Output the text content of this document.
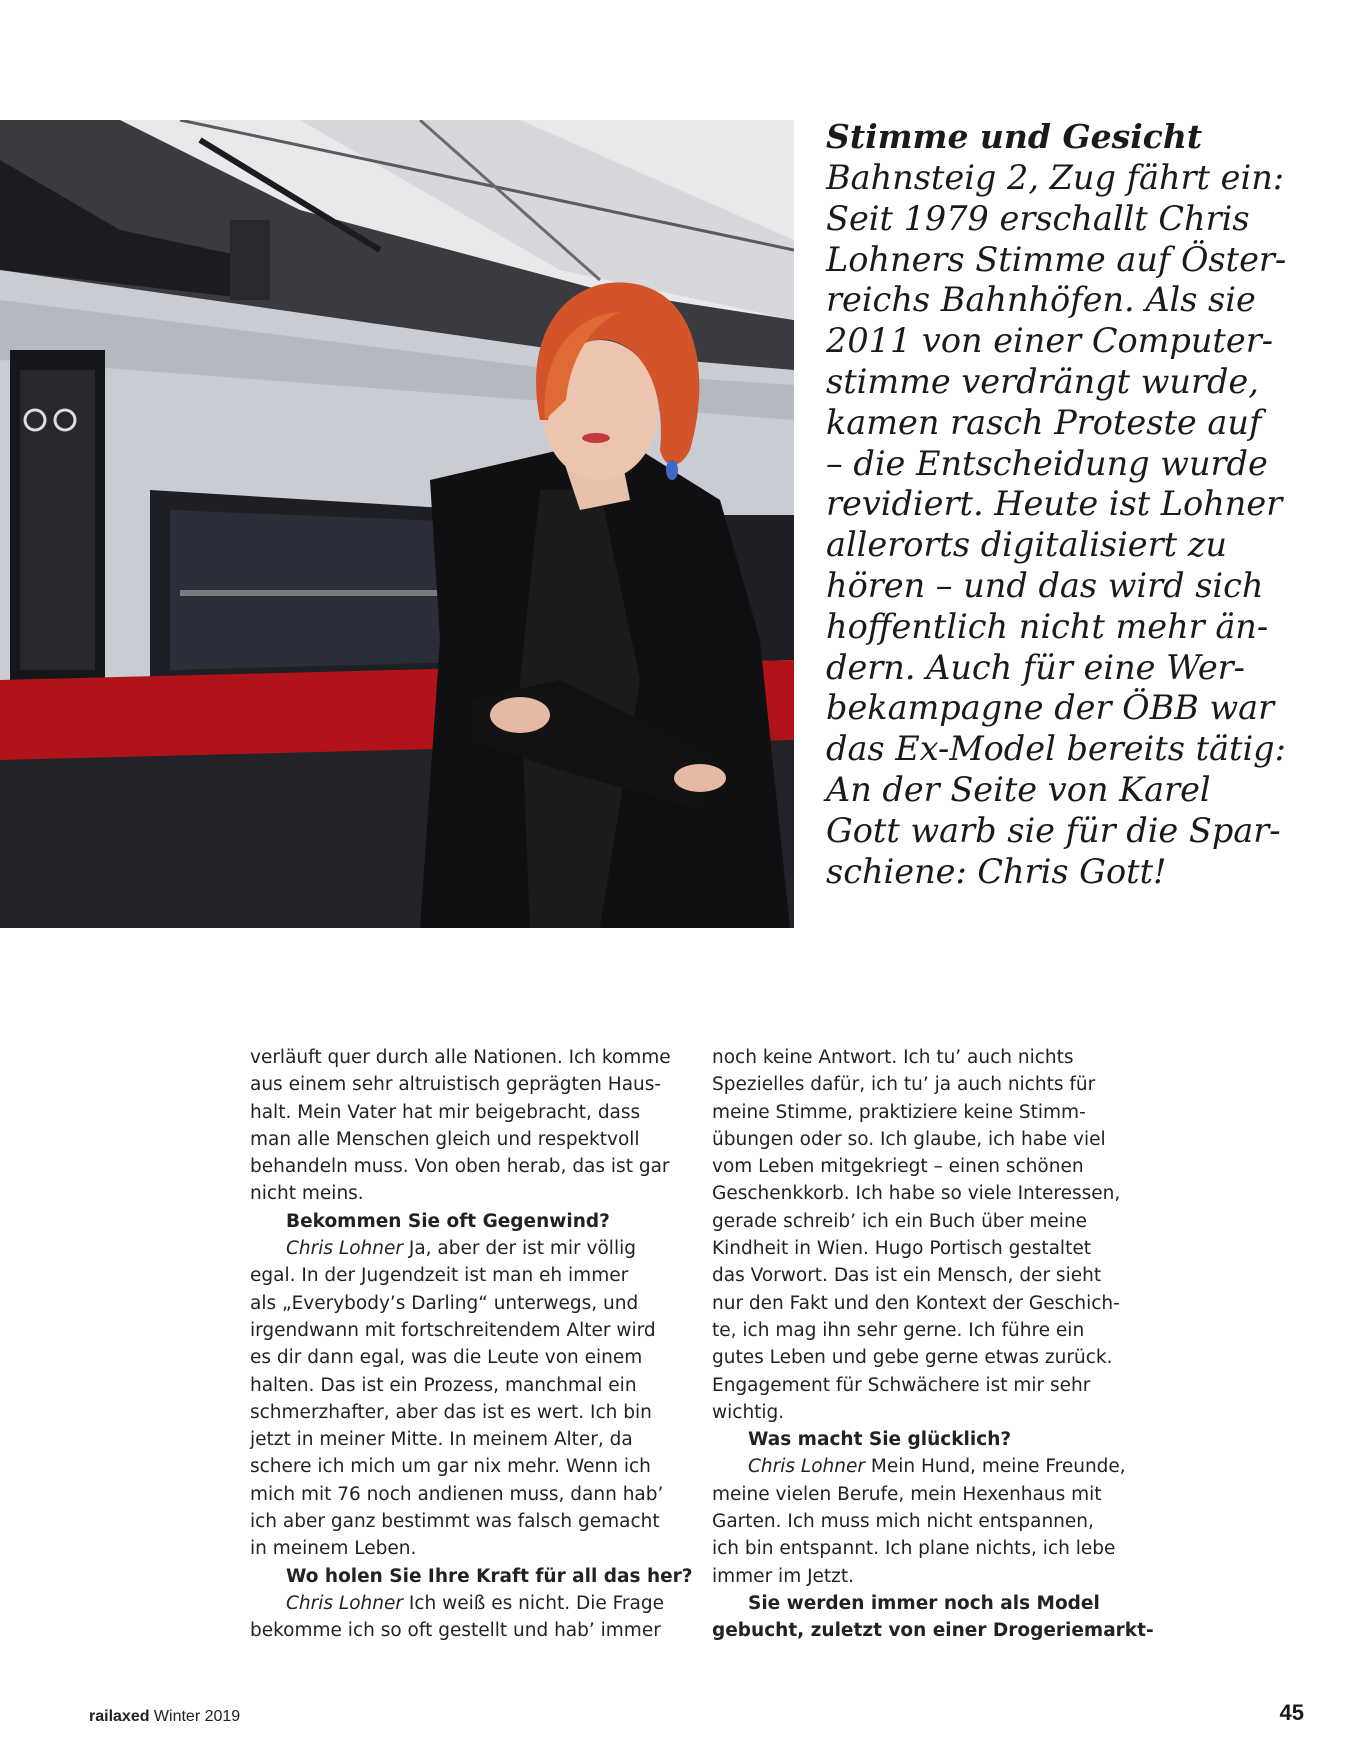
Stimme und Gesicht
Bahnsteig 2, Zug fährt ein:
Seit 1979 erschallt Chris
Lohners Stimme auf Öster-
reichs Bahnhöfen. Als sie
2011 von einer Computer-
stimme verdrängt wurde,
kamen rasch Proteste auf
– die Entscheidung wurde
revidiert. Heute ist Lohner
allerorts digitalisiert zu
hören – und das wird sich
hoffentlich nicht mehr än-
dern. Auch für eine Wer-
bekampagne der ÖBB war
das Ex-Model bereits tätig:
An der Seite von Karel
Gott warb sie für die Spar-
schiene: Chris Gott!
verläuft quer durch alle Nationen. Ich komme
aus einem sehr altruistisch geprägten Haus-
halt. Mein Vater hat mir beigebracht, dass
man alle Menschen gleich und respektvoll
behandeln muss. Von oben herab, das ist gar
nicht meins.
Bekommen Sie oft Gegenwind?
Chris Lohner Ja, aber der ist mir völlig
egal. In der Jugendzeit ist man eh immer
als „Everybody’s Darling“ unterwegs, und
irgendwann mit fortschreitendem Alter wird
es dir dann egal, was die Leute von einem
halten. Das ist ein Prozess, manchmal ein
schmerzhafter, aber das ist es wert. Ich bin
jetzt in meiner Mitte. In meinem Alter, da
schere ich mich um gar nix mehr. Wenn ich
mich mit 76 noch andienen muss, dann hab’
ich aber ganz bestimmt was falsch gemacht
in meinem Leben.
Wo holen Sie Ihre Kraft für all das her?
Chris Lohner Ich weiß es nicht. Die Frage
bekomme ich so oft gestellt und hab’ immer
noch keine Antwort. Ich tu’ auch nichts
Spezielles dafür, ich tu’ ja auch nichts für
meine Stimme, praktiziere keine Stimm-
übungen oder so. Ich glaube, ich habe viel
vom Leben mitgekriegt – einen schönen
Geschenkkorb. Ich habe so viele Interessen,
gerade schreib’ ich ein Buch über meine
Kindheit in Wien. Hugo Portisch gestaltet
das Vorwort. Das ist ein Mensch, der sieht
nur den Fakt und den Kontext der Geschich-
te, ich mag ihn sehr gerne. Ich führe ein
gutes Leben und gebe gerne etwas zurück.
Engagement für Schwächere ist mir sehr
wichtig.
Was macht Sie glücklich?
Chris Lohner Mein Hund, meine Freunde,
meine vielen Berufe, mein Hexenhaus mit
Garten. Ich muss mich nicht entspannen,
ich bin entspannt. Ich plane nichts, ich lebe
immer im Jetzt.
Sie werden immer noch als Model
gebucht, zuletzt von einer Drogeriemarkt-
railaxed Winter 2019	45
